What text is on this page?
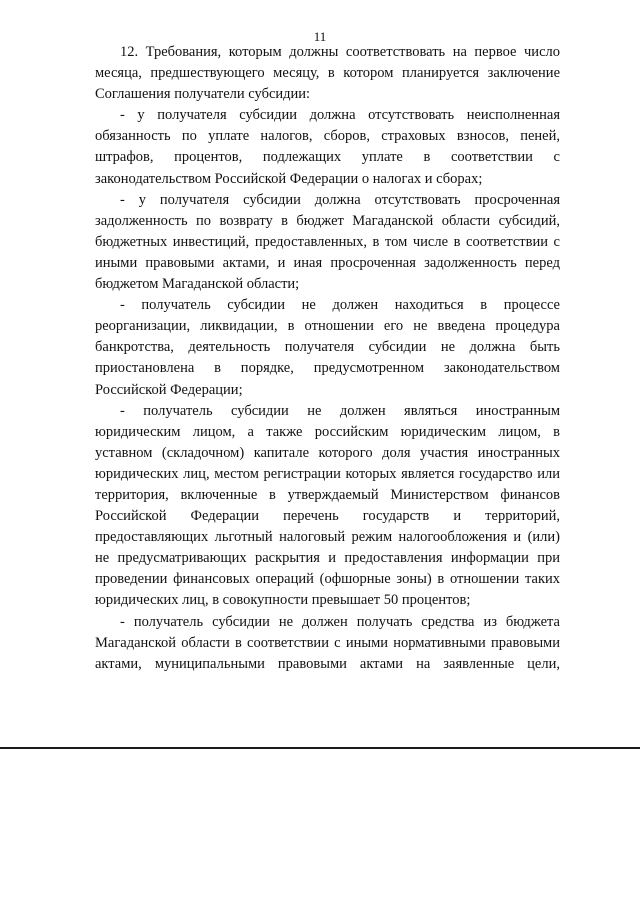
11

12. Требования, которым должны соответствовать на первое число месяца, предшествующего месяцу, в котором планируется заключение Соглашения получатели субсидии:

- у получателя субсидии должна отсутствовать неисполненная обязанность по уплате налогов, сборов, страховых взносов, пеней, штрафов, процентов, подлежащих уплате в соответствии с законодательством Российской Федерации о налогах и сборах;

- у получателя субсидии должна отсутствовать просроченная задолженность по возврату в бюджет Магаданской области субсидий, бюджетных инвестиций, предоставленных, в том числе в соответствии с иными правовыми актами, и иная просроченная задолженность перед бюджетом Магаданской области;

- получатель субсидии не должен находиться в процессе реорганизации, ликвидации, в отношении его не введена процедура банкротства, деятельность получателя субсидии не должна быть приостановлена в порядке, предусмотренном законодательством Российской Федерации;

- получатель субсидии не должен являться иностранным юридическим лицом, а также российским юридическим лицом, в уставном (складочном) капитале которого доля участия иностранных юридических лиц, местом регистрации которых является государство или территория, включенные в утверждаемый Министерством финансов Российской Федерации перечень государств и территорий, предоставляющих льготный налоговый режим налогообложения и (или) не предусматривающих раскрытия и предоставления информации при проведении финансовых операций (офшорные зоны) в отношении таких юридических лиц, в совокупности превышает 50 процентов;

- получатель субсидии не должен получать средства из бюджета Магаданской области в соответствии с иными нормативными правовыми актами, муниципальными правовыми актами на заявленные цели,
